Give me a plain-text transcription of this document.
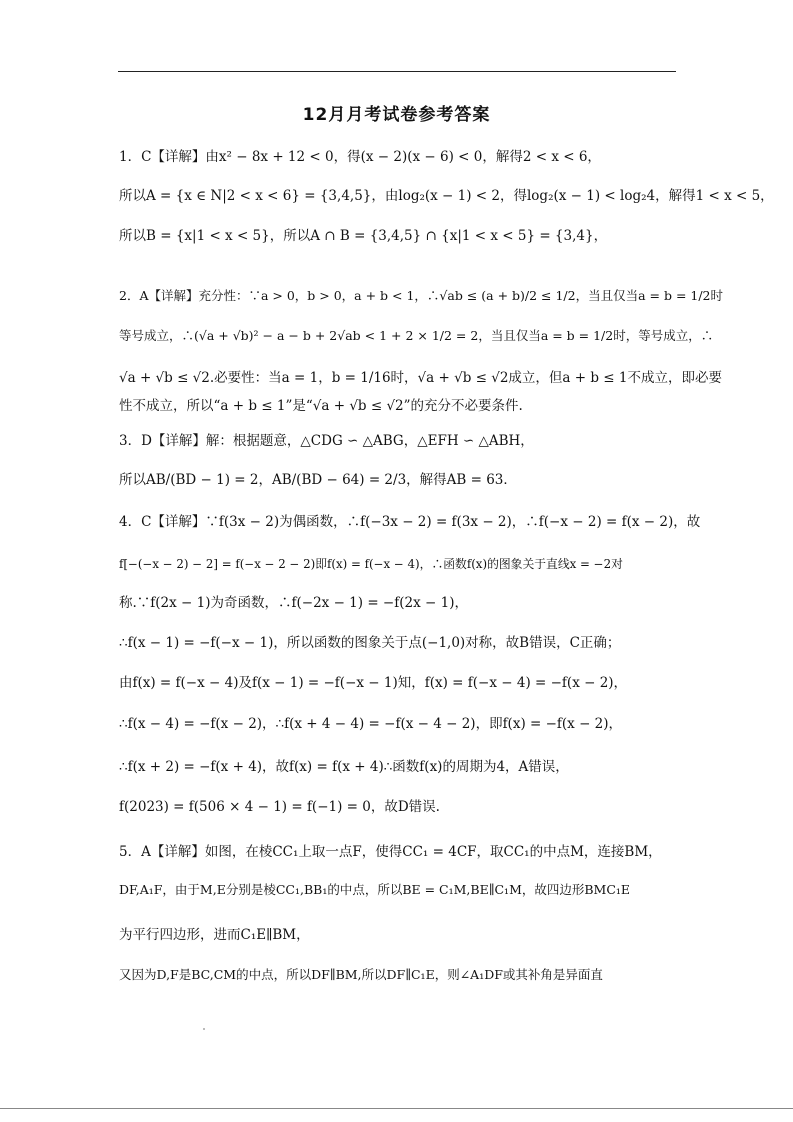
12月月考试卷参考答案
1．C【详解】由x² − 8x + 12 < 0，得(x − 2)(x − 6) < 0，解得2 < x < 6，
所以A = {x ∈ N|2 < x < 6} = {3,4,5}，由log₂(x − 1) < 2，得log₂(x − 1) < log₂4，解得1 < x < 5，
所以B = {x|1 < x < 5}，所以A ∩ B = {3,4,5} ∩ {x|1 < x < 5} = {3,4}，
2．A【详解】充分性：∵a > 0，b > 0，a + b < 1，∴√ab ≤ (a + b)/2 ≤ 1/2，当且仅当a = b = 1/2时
等号成立，∴(√a + √b)² − a − b + 2√ab < 1 + 2 × 1/2 = 2，当且仅当a = b = 1/2时，等号成立，∴
√a + √b ≤ √2.必要性：当a = 1，b = 1/16时，√a + √b ≤ √2成立，但a + b ≤ 1不成立，即必要
性不成立，所以“a + b ≤ 1”是“√a + √b ≤ √2”的充分不必要条件.
3．D【详解】解：根据题意，△CDG ∽ △ABG，△EFH ∽ △ABH，
所以AB/(BD − 1) = 2，AB/(BD − 64) = 2/3，解得AB = 63．
4．C【详解】∵f(3x − 2)为偶函数，∴f(−3x − 2) = f(3x − 2)，∴f(−x − 2) = f(x − 2)，故
f[−(−x − 2) − 2] = f(−x − 2 − 2)即f(x) = f(−x − 4)，∴函数f(x)的图象关于直线x = −2对
称.∵f(2x − 1)为奇函数，∴f(−2x − 1) = −f(2x − 1)，
∴f(x − 1) = −f(−x − 1)，所以函数的图象关于点(−1,0)对称，故B错误，C正确；
由f(x) = f(−x − 4)及f(x − 1) = −f(−x − 1)知，f(x) = f(−x − 4) = −f(x − 2)，
∴f(x − 4) = −f(x − 2)，∴f(x + 4 − 4) = −f(x − 4 − 2)，即f(x) = −f(x − 2)，
∴f(x + 2) = −f(x + 4)，故f(x) = f(x + 4)∴函数f(x)的周期为4，A错误，
f(2023) = f(506 × 4 − 1) = f(−1) = 0，故D错误.
5．A【详解】如图，在棱CC₁上取一点F，使得CC₁ = 4CF，取CC₁的中点M，连接BM，
DF,A₁F，由于M,E分别是棱CC₁,BB₁的中点，所以BE = C₁M,BE∥C₁M，故四边形BMC₁E
为平行四边形，进而C₁E∥BM，
又因为D,F是BC,CM的中点，所以DF∥BM,所以DF∥C₁E，则∠A₁DF或其补角是异面直
